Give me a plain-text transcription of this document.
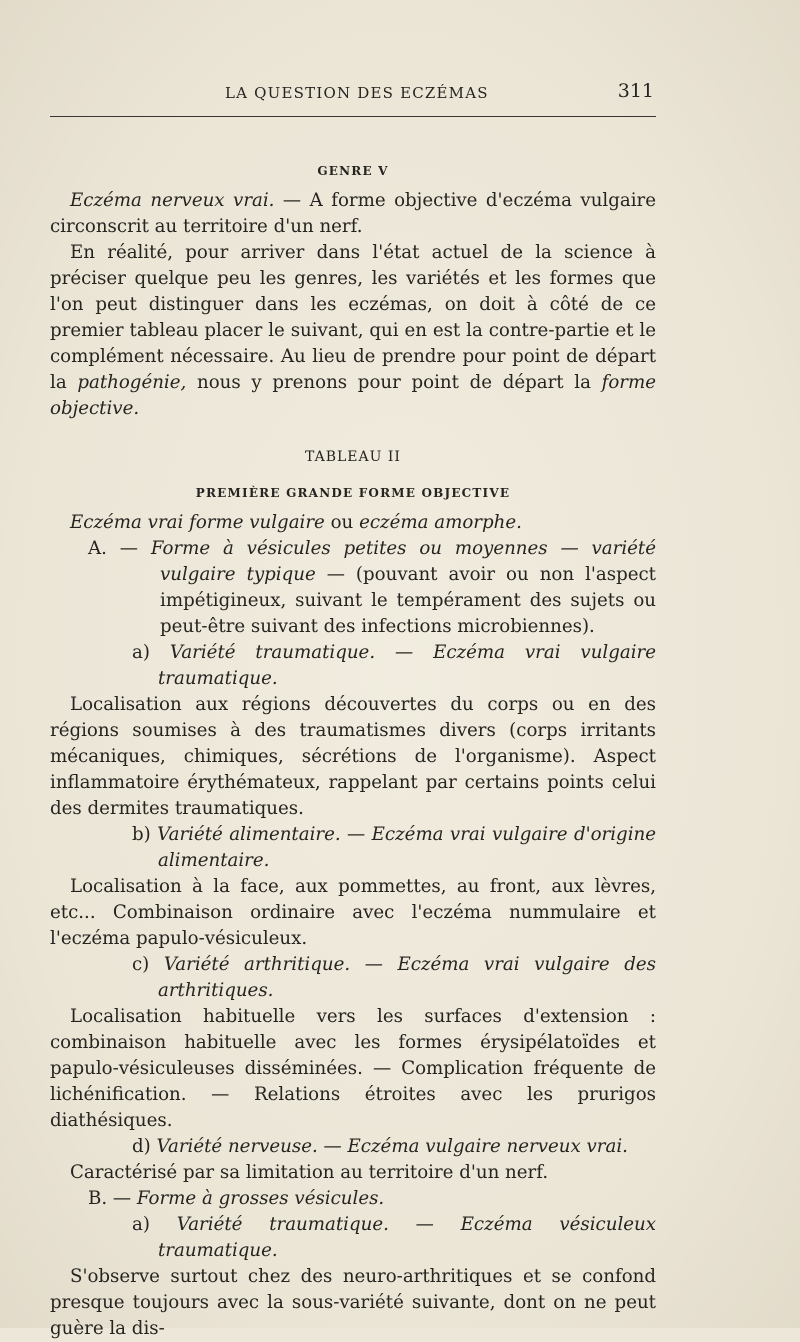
LA QUESTION DES ECZÉMAS	311

GENRE V

Eczéma nerveux vrai. — A forme objective d'eczéma vulgaire circonscrit au territoire d'un nerf.

En réalité, pour arriver dans l'état actuel de la science à préciser quelque peu les genres, les variétés et les formes que l'on peut distinguer dans les eczémas, on doit à côté de ce premier tableau placer le suivant, qui en est la contre-partie et le complément nécessaire. Au lieu de prendre pour point de départ la pathogénie, nous y prenons pour point de départ la forme objective.

TABLEAU II

PREMIÈRE GRANDE FORME OBJECTIVE

Eczéma vrai forme vulgaire ou eczéma amorphe.

A. — Forme à vésicules petites ou moyennes — variété vulgaire typique — (pouvant avoir ou non l'aspect impétigineux, suivant le tempérament des sujets ou peut-être suivant des infections microbiennes).

a) Variété traumatique. — Eczéma vrai vulgaire traumatique.

Localisation aux régions découvertes du corps ou en des régions soumises à des traumatismes divers (corps irritants mécaniques, chimiques, sécrétions de l'organisme). Aspect inflammatoire érythémateux, rappelant par certains points celui des dermites traumatiques.

b) Variété alimentaire. — Eczéma vrai vulgaire d'origine alimentaire.

Localisation à la face, aux pommettes, au front, aux lèvres, etc... Combinaison ordinaire avec l'eczéma nummulaire et l'eczéma papulo-vésiculeux.

c) Variété arthritique. — Eczéma vrai vulgaire des arthritiques.

Localisation habituelle vers les surfaces d'extension : combinaison habituelle avec les formes érysipélatoïdes et papulo-vésiculeuses disséminées. — Complication fréquente de lichénification. — Relations étroites avec les prurigos diathésiques.

d) Variété nerveuse. — Eczéma vulgaire nerveux vrai.

Caractérisé par sa limitation au territoire d'un nerf.

B. — Forme à grosses vésicules.

a) Variété traumatique. — Eczéma vésiculeux traumatique.

S'observe surtout chez des neuro-arthritiques et se confond presque toujours avec la sous-variété suivante, dont on ne peut guère la dis-
